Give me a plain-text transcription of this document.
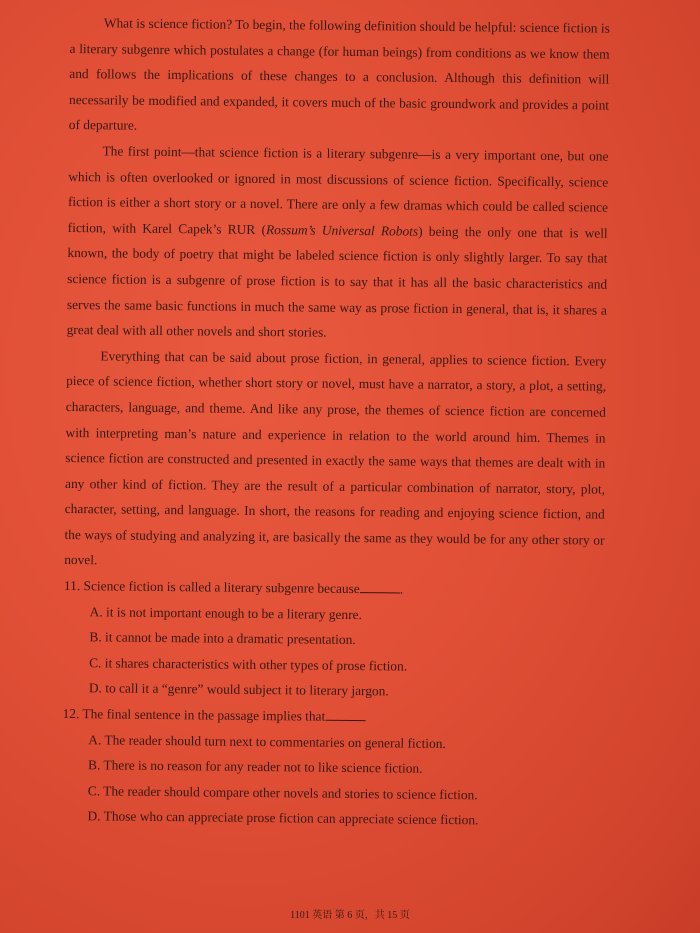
What is science fiction? To begin, the following definition should be helpful: science fiction is a literary subgenre which postulates a change (for human beings) from conditions as we know them and follows the implications of these changes to a conclusion. Although this definition will necessarily be modified and expanded, it covers much of the basic groundwork and provides a point of departure.

The first point—that science fiction is a literary subgenre—is a very important one, but one which is often overlooked or ignored in most discussions of science fiction. Specifically, science fiction is either a short story or a novel. There are only a few dramas which could be called science fiction, with Karel Capek’s RUR (Rossum’s Universal Robots) being the only one that is well known, the body of poetry that might be labeled science fiction is only slightly larger. To say that science fiction is a subgenre of prose fiction is to say that it has all the basic characteristics and serves the same basic functions in much the same way as prose fiction in general, that is, it shares a great deal with all other novels and short stories.

Everything that can be said about prose fiction, in general, applies to science fiction. Every piece of science fiction, whether short story or novel, must have a narrator, a story, a plot, a setting, characters, language, and theme. And like any prose, the themes of science fiction are concerned with interpreting man’s nature and experience in relation to the world around him. Themes in science fiction are constructed and presented in exactly the same ways that themes are dealt with in any other kind of fiction. They are the result of a particular combination of narrator, story, plot, character, setting, and language. In short, the reasons for reading and enjoying science fiction, and the ways of studying and analyzing it, are basically the same as they would be for any other story or novel.

11. Science fiction is called a literary subgenre because	.

A. it is not important enough to be a literary genre.

B. it cannot be made into a dramatic presentation.

C. it shares characteristics with other types of prose fiction.

D. to call it a “genre” would subject it to literary jargon.

12. The final sentence in the passage implies that

A. The reader should turn next to commentaries on general fiction.

B. There is no reason for any reader not to like science fiction.

C. The reader should compare other novels and stories to science fiction.

D. Those who can appreciate prose fiction can appreciate science fiction.

1101 英语 第 6 页，共 15 页
